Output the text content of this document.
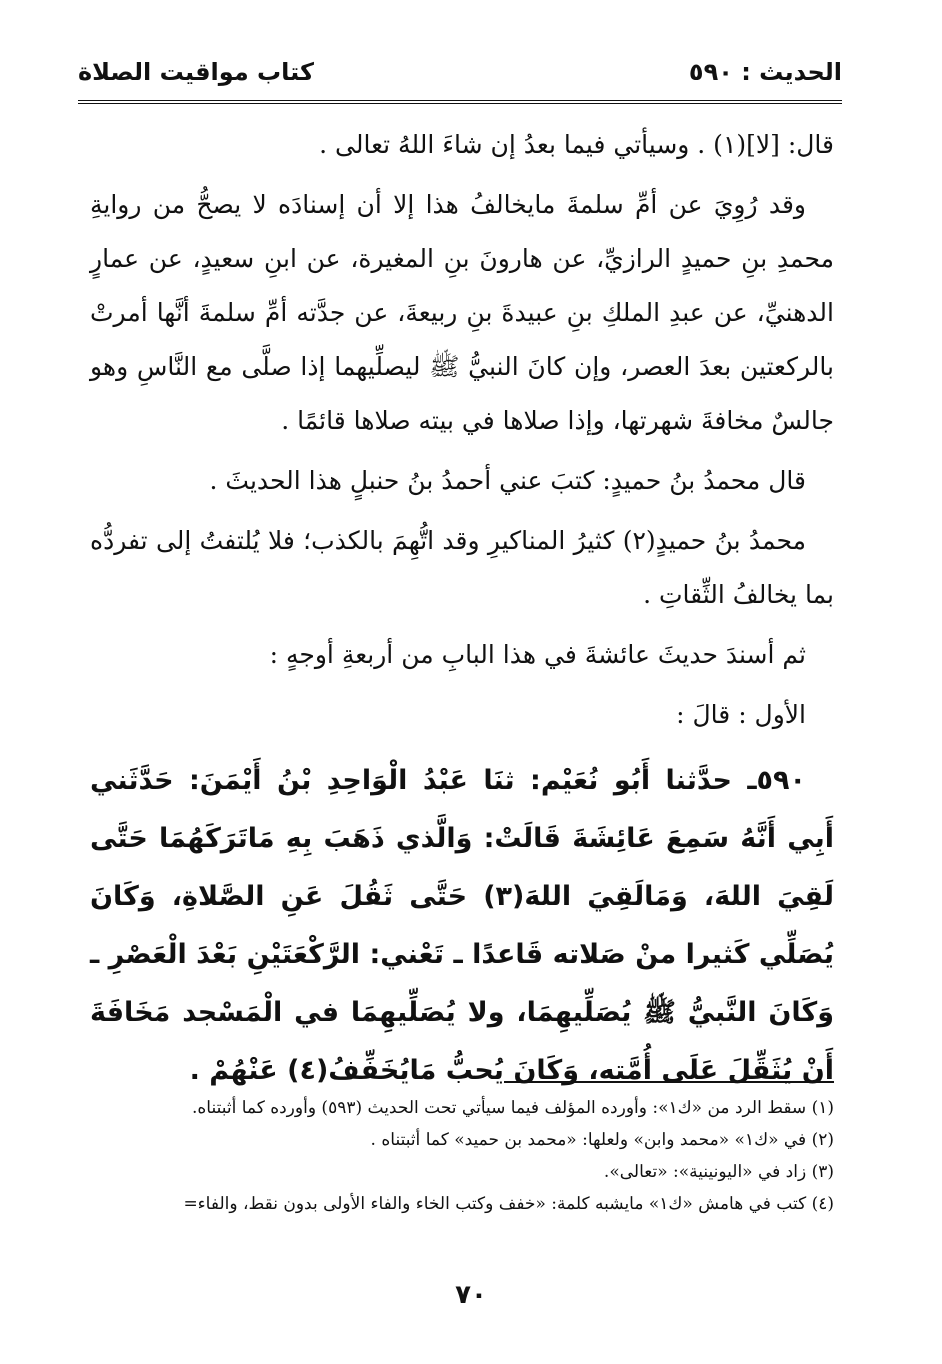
الحديث : ٥٩٠
كتاب مواقيت الصلاة

قال: [لا](١) . وسيأتي فيما بعدُ إن شاءَ اللهُ تعالى .

وقد رُوِيَ عن أمِّ سلمةَ مايخالفُ هذا إلا أن إسنادَه لا يصحُّ من روايةِ محمدِ بنِ حميدٍ الرازيِّ، عن هارونَ بنِ المغيرة، عن ابنِ سعيدٍ، عن عمارٍ الدهنيِّ، عن عبدِ الملكِ بنِ عبيدةَ بنِ ربيعةَ، عن جدَّته أمِّ سلمةَ أنَّها أمرتْ بالركعتين بعدَ العصر، وإن كانَ النبيُّ ﷺ ليصلِّيهما إذا صلَّى مع النَّاسِ وهو جالسٌ مخافةَ شهرتها، وإذا صلاها في بيته صلاها قائمًا .

قال محمدُ بنُ حميدٍ: كتبَ عني أحمدُ بنُ حنبلٍ هذا الحديثَ .

محمدُ بنُ حميدٍ(٢) كثيرُ المناكيرِ وقد اتُّهِمَ بالكذب؛ فلا يُلتفتُ إلى تفردُّه بما يخالفُ الثِّقاتِ .

ثم أسندَ حديثَ عائشةَ في هذا البابِ من أربعةِ أوجهٍ :

الأول : قالَ :

٥٩٠ـ حدَّثنا أَبُو نُعَيْم: ثنَا عَبْدُ الْوَاحِدِ بْنُ أَيْمَنَ: حَدَّثَني أَبِي أَنَّهُ سَمِعَ عَائِشَةَ قَالَتْ: وَالَّذي ذَهَبَ بِهِ مَاتَرَكَهُمَا حَتَّى لَقِيَ اللهَ، وَمَالَقِيَ اللهَ(٣) حَتَّى ثَقُلَ عَنِ الصَّلاةِ، وَكَانَ يُصَلِّي كَثيرا منْ صَلاته قَاعدًا ـ تَعْني: الرَّكْعَتَيْنِ بَعْدَ الْعَصْرِ ـ وَكَانَ النَّبيُّ ﷺ يُصَلِّيهِمَا، ولا يُصَلِّيهِمَا في الْمَسْجد مَخَافَةَ أَنْ يُثَقِّلَ عَلَى أُمَّته، وَكَانَ يُحبُّ مَايُخَفِّفُ(٤) عَنْهُمْ .

(١) سقط الرد من «ك١»: وأورده المؤلف فيما سيأتي تحت الحديث (٥٩٣) وأورده كما أثبتناه.
(٢) في «ك١» «محمد وابن» ولعلها: «محمد بن حميد» كما أثبتناه .
(٣) زاد في «اليونينية»: «تعالى».
(٤) كتب في هامش «ك١» مايشبه كلمة: «خفف وكتب الخاء والفاء الأولى بدون نقط، والفاء=
٧٠
